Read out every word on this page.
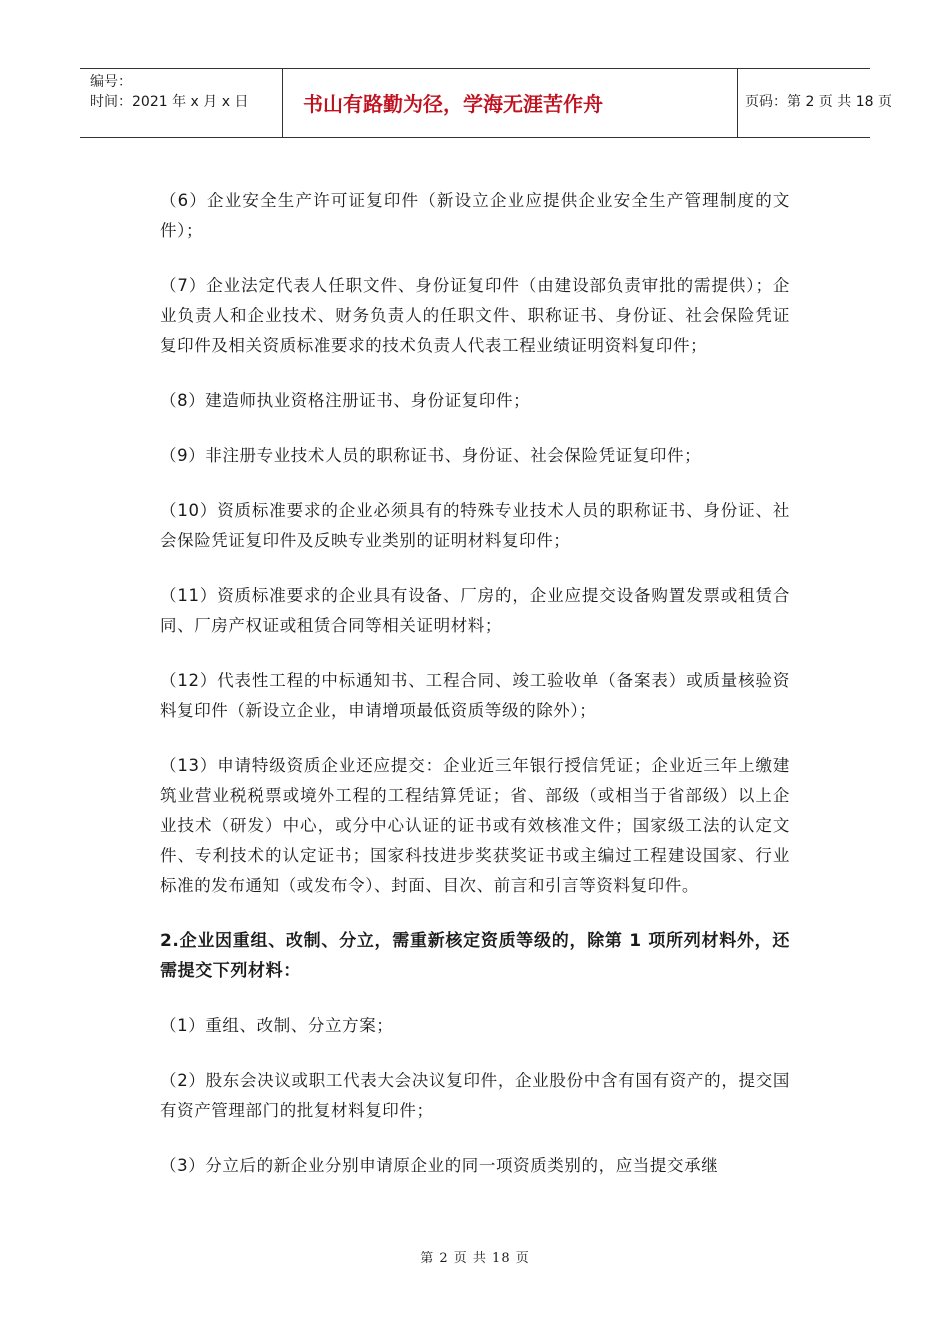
编号：
时间：2021 年 x 月 x 日	书山有路勤为径，学海无涯苦作舟	页码：第 2 页 共 18 页

（6）企业安全生产许可证复印件（新设立企业应提供企业安全生产管理制度的文件）；

（7）企业法定代表人任职文件、身份证复印件（由建设部负责审批的需提供）；企业负责人和企业技术、财务负责人的任职文件、职称证书、身份证、社会保险凭证复印件及相关资质标准要求的技术负责人代表工程业绩证明资料复印件；

（8）建造师执业资格注册证书、身份证复印件；

（9）非注册专业技术人员的职称证书、身份证、社会保险凭证复印件；

（10）资质标准要求的企业必须具有的特殊专业技术人员的职称证书、身份证、社会保险凭证复印件及反映专业类别的证明材料复印件；

（11）资质标准要求的企业具有设备、厂房的，企业应提交设备购置发票或租赁合同、厂房产权证或租赁合同等相关证明材料；

（12）代表性工程的中标通知书、工程合同、竣工验收单（备案表）或质量核验资料复印件（新设立企业，申请增项最低资质等级的除外）；

（13）申请特级资质企业还应提交：企业近三年银行授信凭证；企业近三年上缴建筑业营业税税票或境外工程的工程结算凭证；省、部级（或相当于省部级）以上企业技术（研发）中心，或分中心认证的证书或有效核准文件；国家级工法的认定文件、专利技术的认定证书；国家科技进步奖获奖证书或主编过工程建设国家、行业标准的发布通知（或发布令）、封面、目次、前言和引言等资料复印件。

2.企业因重组、改制、分立，需重新核定资质等级的，除第 1 项所列材料外，还需提交下列材料：

（1）重组、改制、分立方案；

（2）股东会决议或职工代表大会决议复印件，企业股份中含有国有资产的，提交国有资产管理部门的批复材料复印件；

（3）分立后的新企业分别申请原企业的同一项资质类别的，应当提交承继

第 2 页 共 18 页
